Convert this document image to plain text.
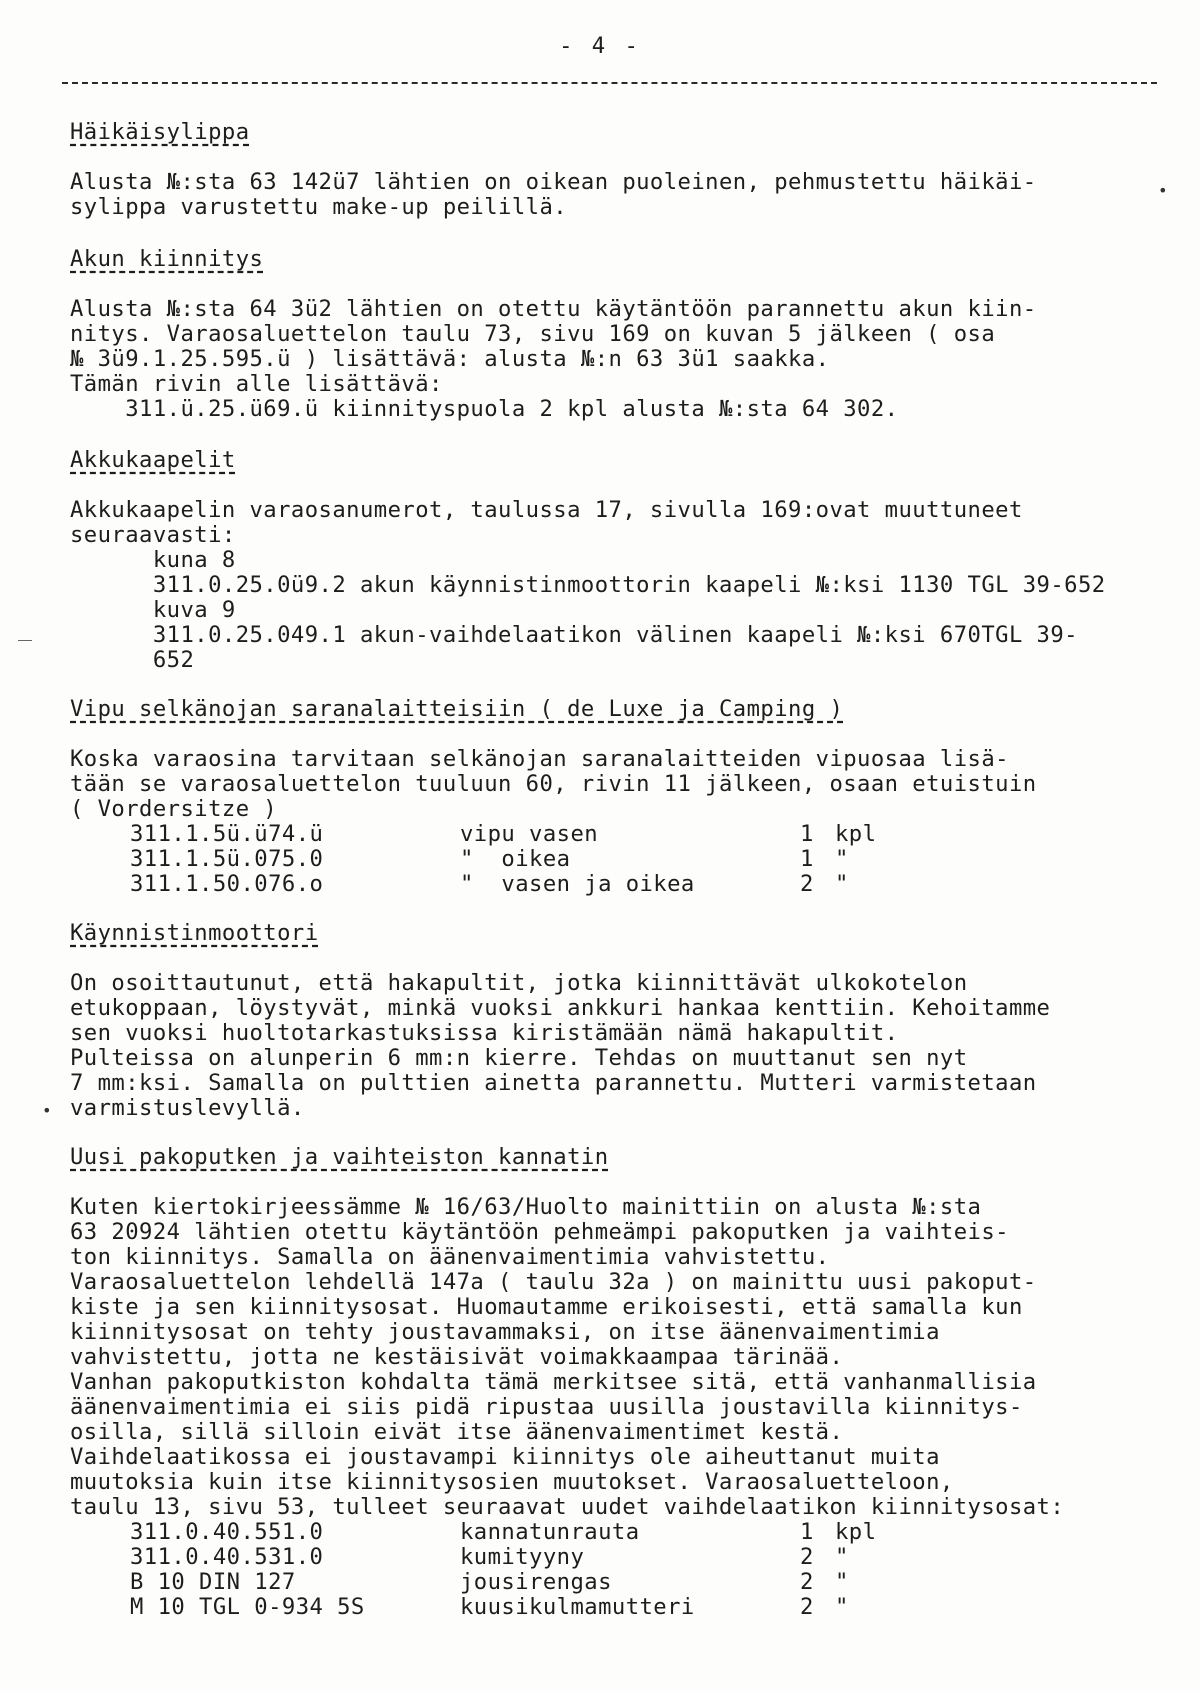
- 4 -

Häikäisylippa

Alusta №:sta 63 142ü7 lähtien on oikean puoleinen, pehmustettu häikäi-

sylippa varustettu make-up peilillä.

Akun kiinnitys

Alusta №:sta 64 3ü2 lähtien on otettu käytäntöön parannettu akun kiin-

nitys. Varaosaluettelon taulu 73, sivu 169 on kuvan 5 jälkeen ( osa

№ 3ü9.1.25.595.ü ) lisättävä: alusta №:n 63 3ü1 saakka.

Tämän rivin alle lisättävä:

311.ü.25.ü69.ü kiinnityspuola 2 kpl alusta №:sta 64 302.

Akkukaapelit

Akkukaapelin varaosanumerot, taulussa 17, sivulla 169:ovat muuttuneet

seuraavasti:

kuna 8

311.0.25.0ü9.2 akun käynnistinmoottorin kaapeli №:ksi 1130 TGL 39-652

kuva 9

311.0.25.049.1 akun-vaihdelaatikon välinen kaapeli №:ksi 670TGL 39-

652

Vipu selkänojan saranalaitteisiin ( de Luxe ja Camping )

Koska varaosina tarvitaan selkänojan saranalaitteiden vipuosaa lisä-

tään se varaosaluettelon tuuluun 60, rivin 11 jälkeen, osaan etuistuin

( Vordersitze )

311.1.5ü.ü74.ü	vipu vasen	1	kpl
311.1.5ü.075.0	"  oikea	1	"
311.1.50.076.o	"  vasen ja oikea	2	"

Käynnistinmoottori

On osoittautunut, että hakapultit, jotka kiinnittävät ulkokotelon

etukoppaan, löystyvät, minkä vuoksi ankkuri hankaa kenttiin. Kehoitamme

sen vuoksi huoltotarkastuksissa kiristämään nämä hakapultit.

Pulteissa on alunperin 6 mm:n kierre. Tehdas on muuttanut sen nyt

7 mm:ksi. Samalla on pulttien ainetta parannettu. Mutteri varmistetaan

varmistuslevyllä.

Uusi pakoputken ja vaihteiston kannatin

Kuten kiertokirjeessämme № 16/63/Huolto mainittiin on alusta №:sta

63 20924 lähtien otettu käytäntöön pehmeämpi pakoputken ja vaihteis-

ton kiinnitys. Samalla on äänenvaimentimia vahvistettu.

Varaosaluettelon lehdellä 147a ( taulu 32a ) on mainittu uusi pakoput-

kiste ja sen kiinnitysosat. Huomautamme erikoisesti, että samalla kun

kiinnitysosat on tehty joustavammaksi, on itse äänenvaimentimia

vahvistettu, jotta ne kestäisivät voimakkaampaa tärinää.

Vanhan pakoputkiston kohdalta tämä merkitsee sitä, että vanhanmallisia

äänenvaimentimia ei siis pidä ripustaa uusilla joustavilla kiinnitys-

osilla, sillä silloin eivät itse äänenvaimentimet kestä.

Vaihdelaatikossa ei joustavampi kiinnitys ole aiheuttanut muita

muutoksia kuin itse kiinnitysosien muutokset. Varaosaluetteloon,

taulu 13, sivu 53, tulleet seuraavat uudet vaihdelaatikon kiinnitysosat:

311.0.40.551.0	kannatunrauta	1	kpl
311.0.40.531.0	kumityyny	2	"
B 10 DIN 127	jousirengas	2	"
M 10 TGL 0-934 5S	kuusikulmamutteri	2	"
•
•
